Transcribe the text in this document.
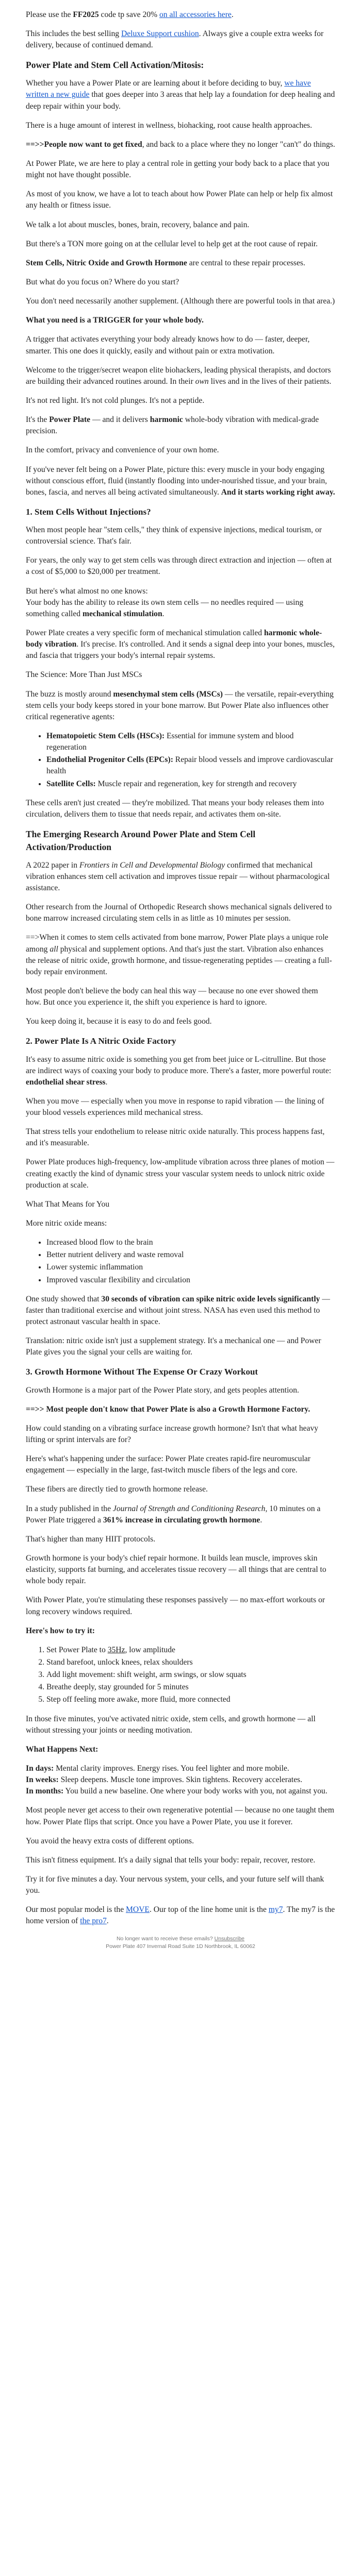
Please use the FF2025 code tp save 20% on all accessories here.

This includes the best selling Deluxe Support cushion. Always give a couple extra weeks for delivery, because of continued demand.

Power Plate and Stem Cell Activation/Mitosis:

Whether you have a Power Plate or are learning about it before deciding to buy, we have written a new guide that goes deeper into 3 areas that help lay a foundation for deep healing and deep repair within your body.

There is a huge amount of interest in wellness, biohacking, root cause health approaches.

==>>People now want to get fixed, and back to a place where they no longer "can't" do things.

At Power Plate, we are here to play a central role in getting your body back to a place that you might not have thought possible.

As most of you know, we have a lot to teach about how Power Plate can help or help fix almost any health or fitness issue.

We talk a lot about muscles, bones, brain, recovery, balance and pain.

But there's a TON more going on at the cellular level to help get at the root cause of repair.

Stem Cells, Nitric Oxide and Growth Hormone are central to these repair processes.

But what do you focus on? Where do you start?

You don't need necessarily another supplement. (Although there are powerful tools in that area.)

What you need is a TRIGGER for your whole body.

A trigger that activates everything your body already knows how to do — faster, deeper, smarter. This one does it quickly, easily and without pain or extra motivation.

Welcome to the trigger/secret weapon elite biohackers, leading physical therapists, and doctors are building their advanced routines around. In their own lives and in the lives of their patients.

It's not red light. It's not cold plunges. It's not a peptide.

It's the Power Plate — and it delivers harmonic whole-body vibration with medical-grade precision.

In the comfort, privacy and convenience of your own home.

If you've never felt being on a Power Plate, picture this: every muscle in your body engaging without conscious effort, fluid (instantly flooding into under-nourished tissue, and your brain, bones, fascia, and nerves all being activated simultaneously. And it starts working right away.

1. Stem Cells Without Injections?

When most people hear "stem cells," they think of expensive injections, medical tourism, or controversial science. That's fair.

For years, the only way to get stem cells was through direct extraction and injection — often at a cost of $5,000 to $20,000 per treatment.

But here's what almost no one knows:
Your body has the ability to release its own stem cells — no needles required — using something called mechanical stimulation.

Power Plate creates a very specific form of mechanical stimulation called harmonic whole-body vibration. It's precise. It's controlled. And it sends a signal deep into your bones, muscles, and fascia that triggers your body's internal repair systems.

The Science: More Than Just MSCs

The buzz is mostly around mesenchymal stem cells (MSCs) — the versatile, repair-everything stem cells your body keeps stored in your bone marrow. But Power Plate also influences other critical regenerative agents:

• Hematopoietic Stem Cells (HSCs): Essential for immune system and blood regeneration
• Endothelial Progenitor Cells (EPCs): Repair blood vessels and improve cardiovascular health
• Satellite Cells: Muscle repair and regeneration, key for strength and recovery

These cells aren't just created — they're mobilized. That means your body releases them into circulation, delivers them to tissue that needs repair, and activates them on-site.

The Emerging Research Around Power Plate and Stem Cell Activation/Production

A 2022 paper in Frontiers in Cell and Developmental Biology confirmed that mechanical vibration enhances stem cell activation and improves tissue repair — without pharmacological assistance.

Other research from the Journal of Orthopedic Research shows mechanical signals delivered to bone marrow increased circulating stem cells in as little as 10 minutes per session.

==>When it comes to stem cells activated from bone marrow, Power Plate plays a unique role among all physical and supplement options. And that's just the start. Vibration also enhances the release of nitric oxide, growth hormone, and tissue-regenerating peptides — creating a full-body repair environment.

Most people don't believe the body can heal this way — because no one ever showed them how. But once you experience it, the shift you experience is hard to ignore.

You keep doing it, because it is easy to do and feels good.

2. Power Plate Is A Nitric Oxide Factory

It's easy to assume nitric oxide is something you get from beet juice or L-citrulline. But those are indirect ways of coaxing your body to produce more. There's a faster, more powerful route: endothelial shear stress.

When you move — especially when you move in response to rapid vibration — the lining of your blood vessels experiences mild mechanical stress.

That stress tells your endothelium to release nitric oxide naturally. This process happens fast, and it's measurable.

Power Plate produces high-frequency, low-amplitude vibration across three planes of motion — creating exactly the kind of dynamic stress your vascular system needs to unlock nitric oxide production at scale.

What That Means for You

More nitric oxide means:

• Increased blood flow to the brain
• Better nutrient delivery and waste removal
• Lower systemic inflammation
• Improved vascular flexibility and circulation

One study showed that 30 seconds of vibration can spike nitric oxide levels significantly — faster than traditional exercise and without joint stress. NASA has even used this method to protect astronaut vascular health in space.

Translation: nitric oxide isn't just a supplement strategy. It's a mechanical one — and Power Plate gives you the signal your cells are waiting for.

3. Growth Hormone Without The Expense Or Crazy Workout

Growth Hormone is a major part of the Power Plate story, and gets peoples attention.

==>> Most people don't know that Power Plate is also a Growth Hormone Factory.

How could standing on a vibrating surface increase growth hormone? Isn't that what heavy lifting or sprint intervals are for?

Here's what's happening under the surface: Power Plate creates rapid-fire neuromuscular engagement — especially in the large, fast-twitch muscle fibers of the legs and core.

These fibers are directly tied to growth hormone release.

In a study published in the Journal of Strength and Conditioning Research, 10 minutes on a Power Plate triggered a 361% increase in circulating growth hormone.

That's higher than many HIIT protocols.

Growth hormone is your body's chief repair hormone. It builds lean muscle, improves skin elasticity, supports fat burning, and accelerates tissue recovery — all things that are central to whole body repair.

With Power Plate, you're stimulating these responses passively — no max-effort workouts or long recovery windows required.

Here's how to try it:

1. Set Power Plate to 35Hz, low amplitude
2. Stand barefoot, unlock knees, relax shoulders
3. Add light movement: shift weight, arm swings, or slow squats
4. Breathe deeply, stay grounded for 5 minutes
5. Step off feeling more awake, more fluid, more connected

In those five minutes, you've activated nitric oxide, stem cells, and growth hormone — all without stressing your joints or needing motivation.

What Happens Next:

In days: Mental clarity improves. Energy rises. You feel lighter and more mobile.
In weeks: Sleep deepens. Muscle tone improves. Skin tightens. Recovery accelerates.
In months: You build a new baseline. One where your body works with you, not against you.

Most people never get access to their own regenerative potential — because no one taught them how. Power Plate flips that script. Once you have a Power Plate, you use it forever.

You avoid the heavy extra costs of different options.

This isn't fitness equipment. It's a daily signal that tells your body: repair, recover, restore.

Try it for five minutes a day. Your nervous system, your cells, and your future self will thank you.

Our most popular model is the MOVE. Our top of the line home unit is the my7. The my7 is the home version of the pro7.

No longer want to receive these emails? Unsubscribe
Power Plate 407 Invernal Road Suite 1D Northbrook, IL 60062
